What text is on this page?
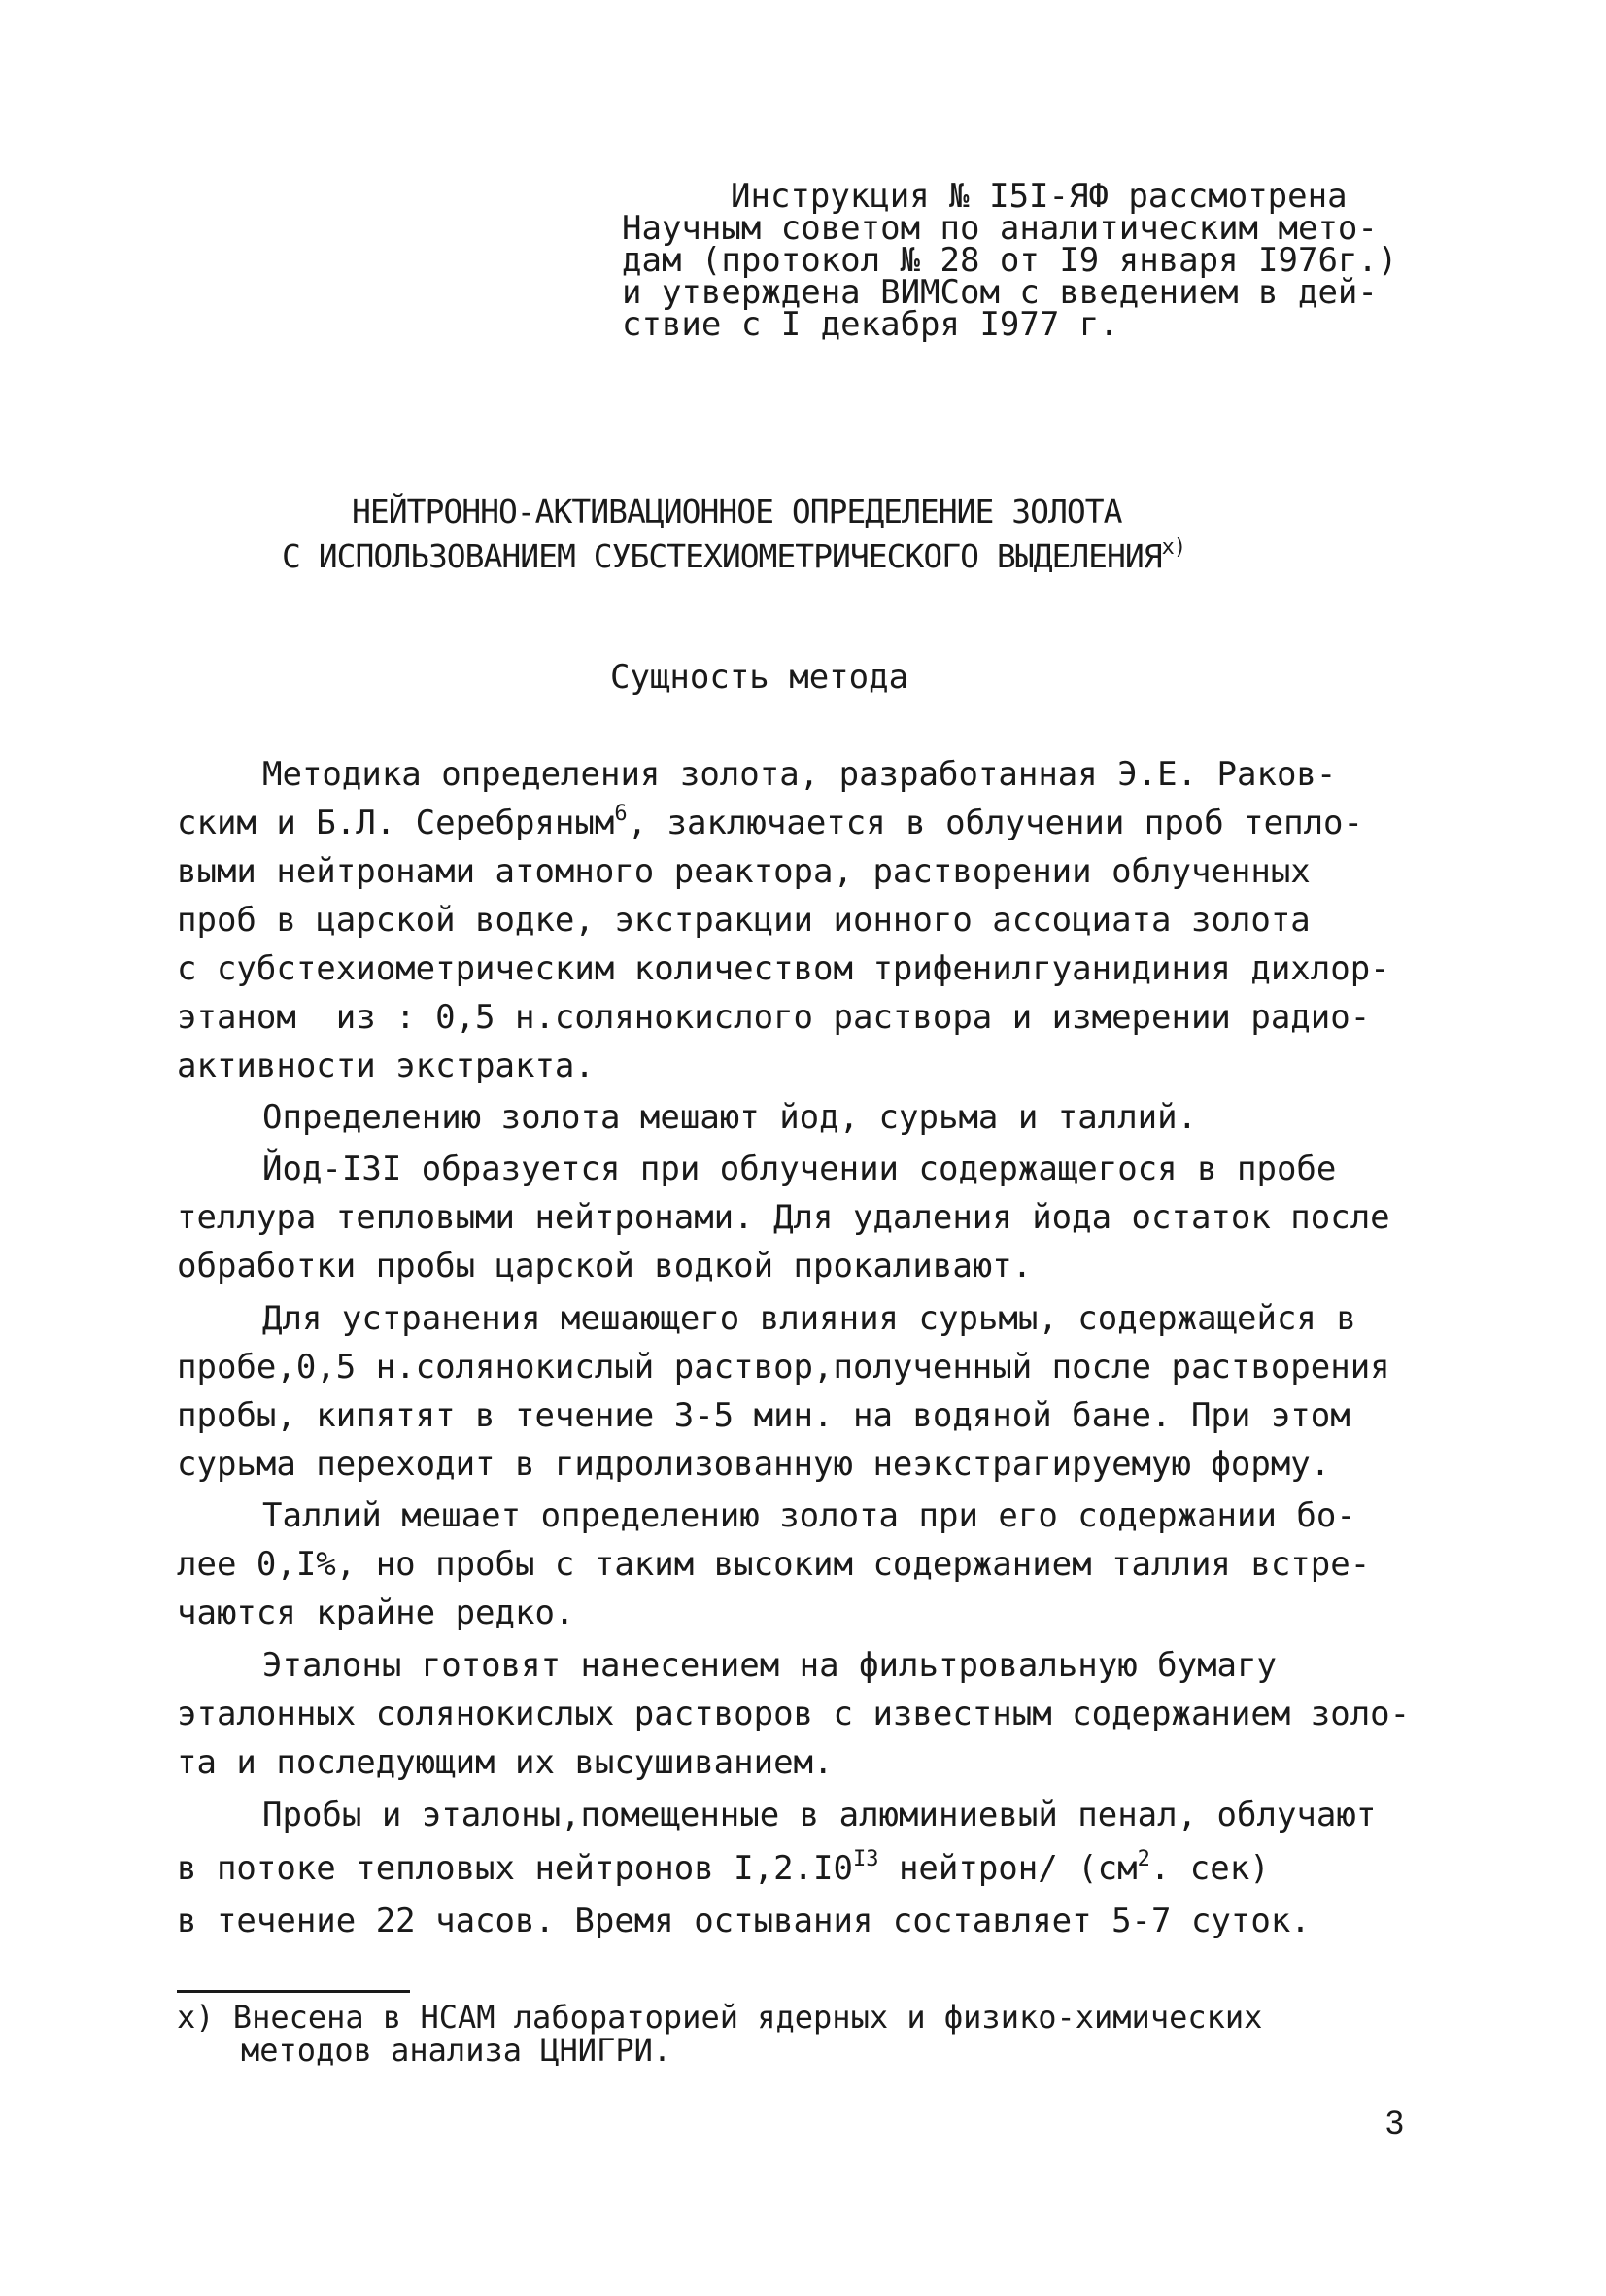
Инструкция № I5I-ЯФ рассмотрена
Научным советом по аналитическим мето-
дам (протокол № 28 от I9 января I976г.)
и утверждена ВИМСом с введением в дей-
ствие с I декабря I977 г.
НЕЙТРОННО-АКТИВАЦИОННОЕ ОПРЕДЕЛЕНИЕ ЗОЛОТА
С ИСПОЛЬЗОВАНИЕМ СУБСТЕХИОМЕТРИЧЕСКОГО $ВЫДЕЛЕНИЯ^{х)}$
Сущность метода
Методика определения золота, разработанная Э.Е. Раков-
ским и Б.Л. Серебряным$^6$, заключается в облучении проб тепло-
выми нейтронами атомного реактора, растворении облученных
проб в царской водке, экстракции ионного ассоциата золота
с субстехиометрическим количеством трифенилгуанидиния дихлор-
этаном  из : 0,5 н.солянокислого раствора и измерении радио-
активности экстракта.
Определению золота мешают йод, сурьма и таллий.
Йод-I3I образуется при облучении содержащегося в пробе
теллура тепловыми нейтронами. Для удаления йода остаток после
обработки пробы царской водкой прокаливают.
Для устранения мешающего влияния сурьмы, содержащейся в
пробе,0,5 н.солянокислый раствор,полученный после растворения
пробы, кипятят в течение 3-5 мин. на водяной бане. При этом
сурьма переходит в гидролизованную неэкстрагируемую форму.
Таллий мешает определению золота при его содержании бо-
лее 0,I%, но пробы с таким высоким содержанием таллия встре-
чаются крайне редко.
Эталоны готовят нанесением на фильтровальную бумагу
эталонных солянокислых растворов с известным содержанием золо-
та и последующим их высушиванием.
Пробы и эталоны,помещенные в алюминиевый пенал, облучают
в потоке тепловых нейтронов $I,2.I0^{I3}$ нейтрон/ ($см^2$. сек)
в течение 22 часов. Время остывания составляет 5-7 суток.
х) Внесена в НСАМ лабораторией ядерных и физико-химических
методов анализа ЦНИГРИ.
3
